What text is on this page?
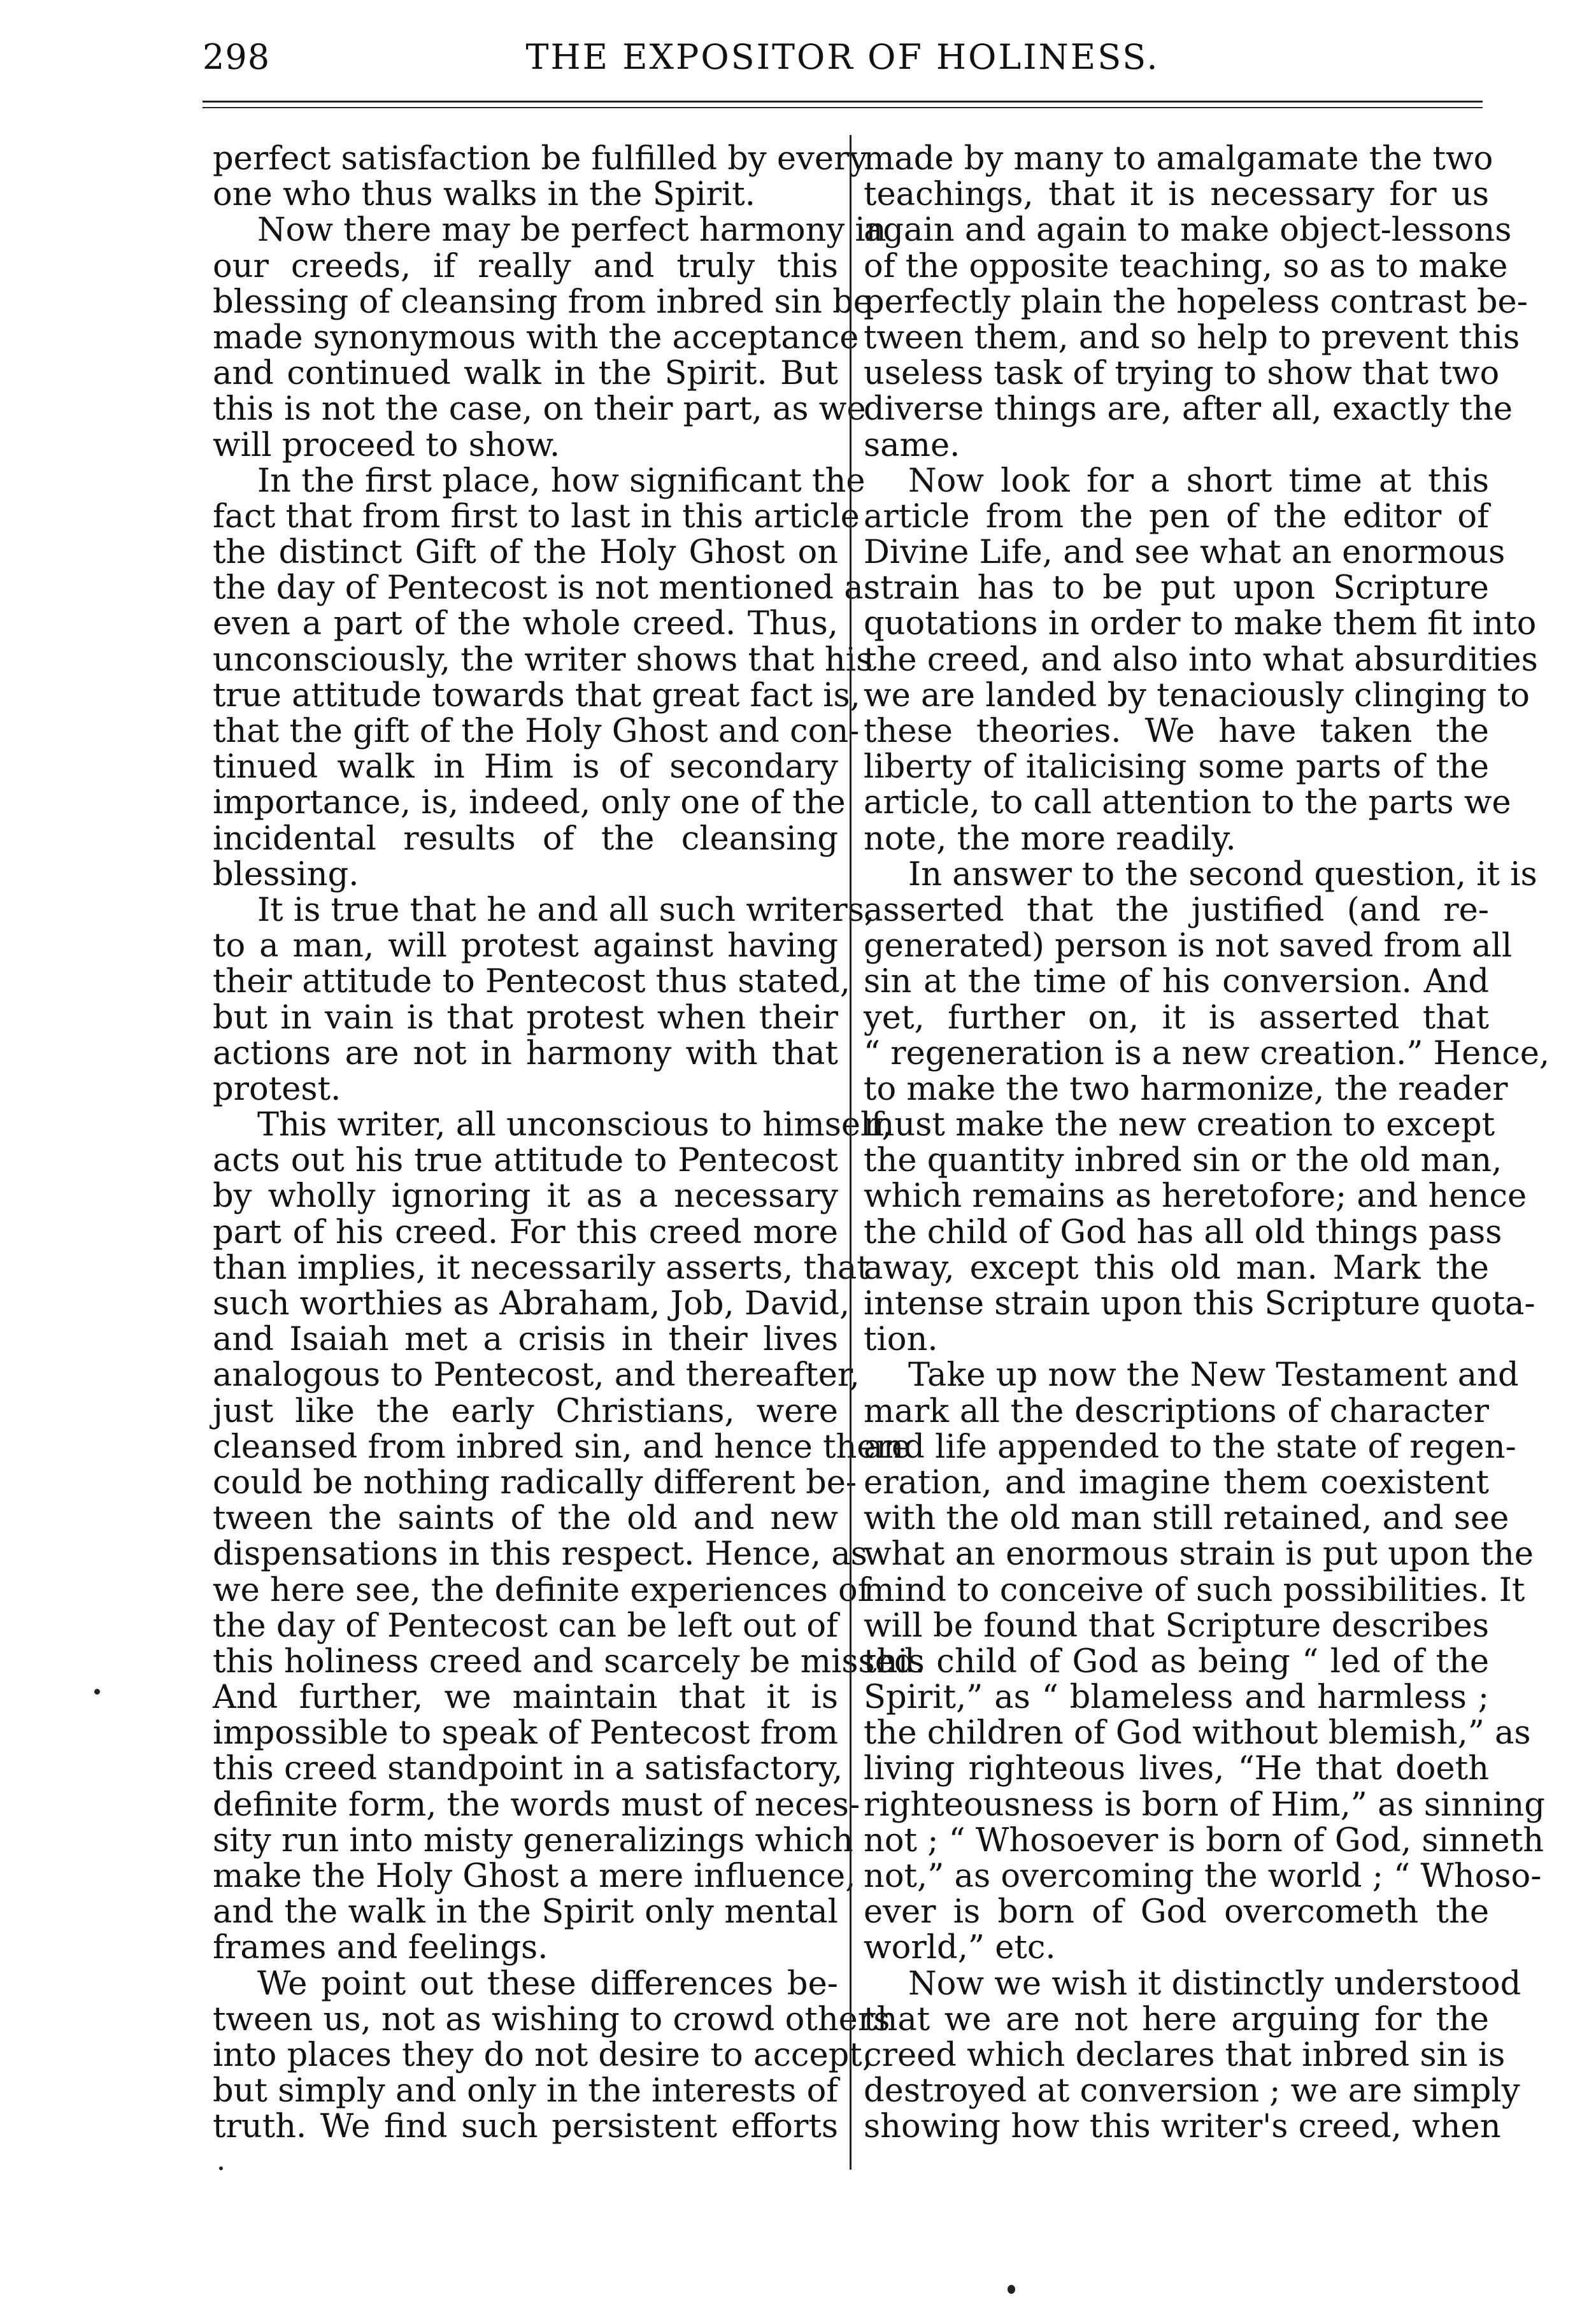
298	THE EXPOSITOR OF HOLINESS.
perfect satisfaction be fulfilled by every
one who thus walks in the Spirit.
Now there may be perfect harmony in
our creeds, if really and truly this
blessing of cleansing from inbred sin be
made synonymous with the acceptance
and continued walk in the Spirit. But
this is not the case, on their part, as we
will proceed to show.
In the first place, how significant the
fact that from first to last in this article
the distinct Gift of the Holy Ghost on
the day of Pentecost is not mentioned as
even a part of the whole creed. Thus,
unconsciously, the writer shows that his
true attitude towards that great fact is,
that the gift of the Holy Ghost and con-
tinued walk in Him is of secondary
importance, is, indeed, only one of the
incidental results of the cleansing
blessing.
It is true that he and all such writers,
to a man, will protest against having
their attitude to Pentecost thus stated,
but in vain is that protest when their
actions are not in harmony with that
protest.
This writer, all unconscious to himself,
acts out his true attitude to Pentecost
by wholly ignoring it as a necessary
part of his creed. For this creed more
than implies, it necessarily asserts, that
such worthies as Abraham, Job, David,
and Isaiah met a crisis in their lives
analogous to Pentecost, and thereafter,
just like the early Christians, were
cleansed from inbred sin, and hence there
could be nothing radically different be-
tween the saints of the old and new
dispensations in this respect. Hence, as
we here see, the definite experiences of
the day of Pentecost can be left out of
this holiness creed and scarcely be missed.
And further, we maintain that it is
impossible to speak of Pentecost from
this creed standpoint in a satisfactory,
definite form, the words must of neces-
sity run into misty generalizings which
make the Holy Ghost a mere influence,
and the walk in the Spirit only mental
frames and feelings.
We point out these differences be-
tween us, not as wishing to crowd others
into places they do not desire to accept,
but simply and only in the interests of
truth. We find such persistent efforts
made by many to amalgamate the two
teachings, that it is necessary for us
again and again to make object-lessons
of the opposite teaching, so as to make
perfectly plain the hopeless contrast be-
tween them, and so help to prevent this
useless task of trying to show that two
diverse things are, after all, exactly the
same.
Now look for a short time at this
article from the pen of the editor of
Divine Life, and see what an enormous
strain has to be put upon Scripture
quotations in order to make them fit into
the creed, and also into what absurdities
we are landed by tenaciously clinging to
these theories. We have taken the
liberty of italicising some parts of the
article, to call attention to the parts we
note, the more readily.
In answer to the second question, it is
asserted that the justified (and re-
generated) person is not saved from all
sin at the time of his conversion. And
yet, further on, it is asserted that
“ regeneration is a new creation.” Hence,
to make the two harmonize, the reader
must make the new creation to except
the quantity inbred sin or the old man,
which remains as heretofore; and hence
the child of God has all old things pass
away, except this old man. Mark the
intense strain upon this Scripture quota-
tion.
Take up now the New Testament and
mark all the descriptions of character
and life appended to the state of regen-
eration, and imagine them coexistent
with the old man still retained, and see
what an enormous strain is put upon the
mind to conceive of such possibilities. It
will be found that Scripture describes
this child of God as being “ led of the
Spirit,” as “ blameless and harmless ;
the children of God without blemish,” as
living righteous lives, “He that doeth
righteousness is born of Him,” as sinning
not ; “ Whosoever is born of God, sinneth
not,” as overcoming the world ; “ Whoso-
ever is born of God overcometh the
world,” etc.
Now we wish it distinctly understood
that we are not here arguing for the
creed which declares that inbred sin is
destroyed at conversion ; we are simply
showing how this writer's creed, when
